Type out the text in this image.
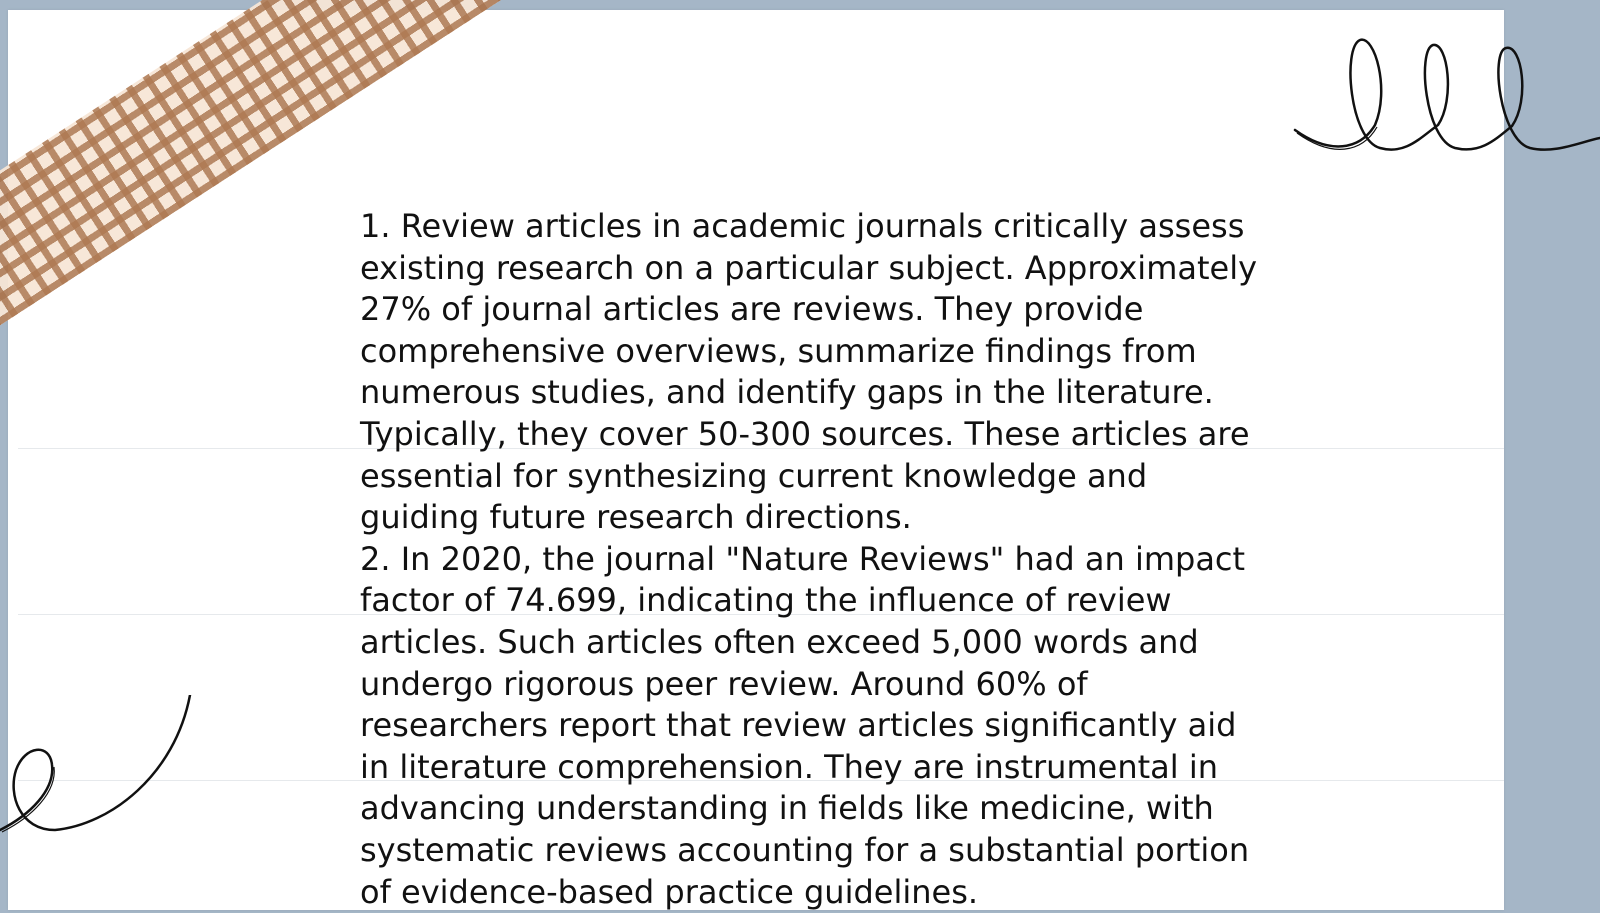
1. Review articles in academic journals critically assess existing research on a particular subject. Approximately 27% of journal articles are reviews. They provide comprehensive overviews, summarize findings from numerous studies, and identify gaps in the literature. Typically, they cover 50-300 sources. These articles are essential for synthesizing current knowledge and guiding future research directions.

2. In 2020, the journal "Nature Reviews" had an impact factor of 74.699, indicating the influence of review articles. Such articles often exceed 5,000 words and undergo rigorous peer review. Around 60% of researchers report that review articles significantly aid in literature comprehension. They are instrumental in advancing understanding in fields like medicine, with systematic reviews accounting for a substantial portion of evidence-based practice guidelines.
